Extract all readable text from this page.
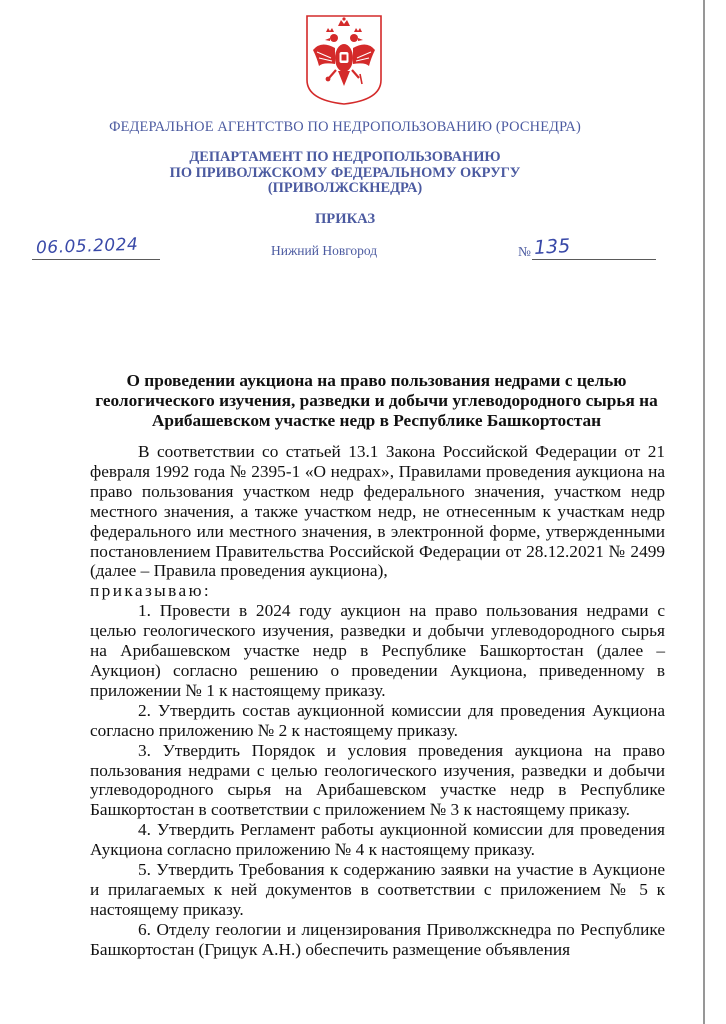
ФЕДЕРАЛЬНОЕ АГЕНТСТВО ПО НЕДРОПОЛЬЗОВАНИЮ (РОСНЕДРА)
ДЕПАРТАМЕНТ ПО НЕДРОПОЛЬЗОВАНИЮ
ПО ПРИВОЛЖСКОМУ ФЕДЕРАЛЬНОМУ ОКРУГУ
(ПРИВОЛЖСКНЕДРА)
ПРИКАЗ
06.05.2024	Нижний Новгород	№ 135
О проведении аукциона на право пользования недрами с целью
геологического изучения, разведки и добычи углеводородного сырья на
Арибашевском участке недр в Республике Башкортостан

В соответствии со статьей 13.1 Закона Российской Федерации от 21 февраля 1992 года № 2395-1 «О недрах», Правилами проведения аукциона на право пользования участком недр федерального значения, участком недр местного значения, а также участком недр, не отнесенным к участкам недр федерального или местного значения, в электронной форме, утвержденными постановлением Правительства Российской Федерации от 28.12.2021 № 2499 (далее – Правила проведения аукциона),

приказываю:

1. Провести в 2024 году аукцион на право пользования недрами с целью геологического изучения, разведки и добычи углеводородного сырья на Арибашевском участке недр в Республике Башкортостан (далее – Аукцион) согласно решению о проведении Аукциона, приведенному в приложении № 1 к настоящему приказу.

2. Утвердить состав аукционной комиссии для проведения Аукциона согласно приложению № 2 к настоящему приказу.

3. Утвердить Порядок и условия проведения аукциона на право пользования недрами с целью геологического изучения, разведки и добычи углеводородного сырья на Арибашевском участке недр в Республике Башкортостан в соответствии с приложением № 3 к настоящему приказу.

4. Утвердить Регламент работы аукционной комиссии для проведения Аукциона согласно приложению № 4 к настоящему приказу.

5. Утвердить Требования к содержанию заявки на участие в Аукционе и прилагаемых к ней документов в соответствии с приложением № 5 к настоящему приказу.

6. Отделу геологии и лицензирования Приволжскнедра по Республике Башкортостан (Грицук А.Н.) обеспечить размещение объявления
